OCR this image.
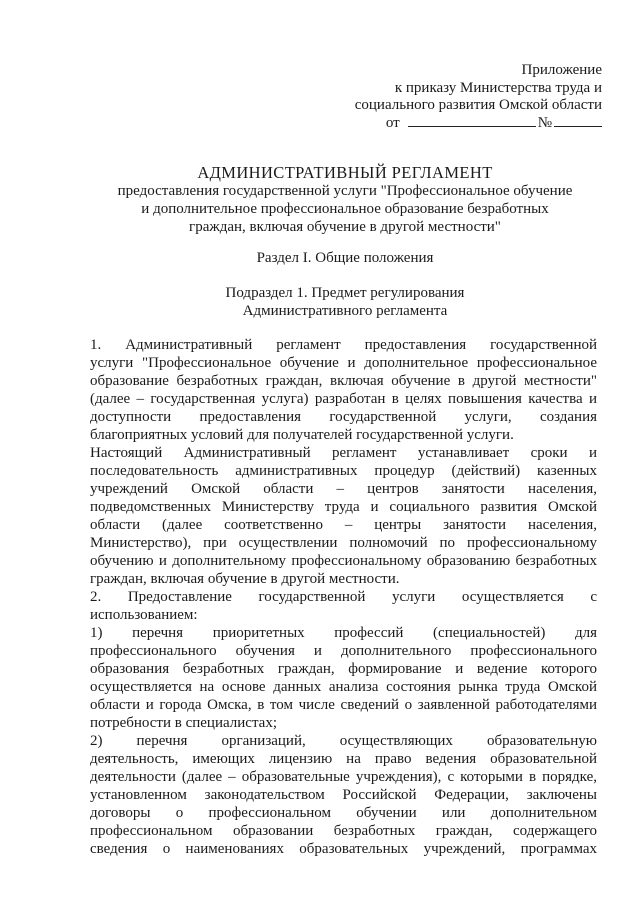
Приложение
к приказу Министерства труда и
социального развития Омской области
от	№
АДМИНИСТРАТИВНЫЙ РЕГЛАМЕНТ
предоставления государственной услуги "Профессиональное обучение
и дополнительное профессиональное образование безработных
граждан, включая обучение в другой местности"
Раздел I. Общие положения
Подраздел 1. Предмет регулирования
Административного регламента
1. Административный регламент предоставления государственной
услуги "Профессиональное обучение и дополнительное профессиональное
образование безработных граждан, включая обучение в другой местности"
(далее – государственная услуга) разработан в целях повышения качества и
доступности предоставления государственной услуги, создания
благоприятных условий для получателей государственной услуги.
Настоящий Административный регламент устанавливает сроки и
последовательность административных процедур (действий) казенных
учреждений Омской области – центров занятости населения,
подведомственных Министерству труда и социального развития Омской
области (далее соответственно – центры занятости населения,
Министерство), при осуществлении полномочий по профессиональному
обучению и дополнительному профессиональному образованию безработных
граждан, включая обучение в другой местности.
2. Предоставление государственной услуги осуществляется с
использованием:
1) перечня приоритетных профессий (специальностей) для
профессионального обучения и дополнительного профессионального
образования безработных граждан, формирование и ведение которого
осуществляется на основе данных анализа состояния рынка труда Омской
области и города Омска, в том числе сведений о заявленной работодателями
потребности в специалистах;
2) перечня организаций, осуществляющих образовательную
деятельность, имеющих лицензию на право ведения образовательной
деятельности (далее – образовательные учреждения), с которыми в порядке,
установленном законодательством Российской Федерации, заключены
договоры о профессиональном обучении или дополнительном
профессиональном образовании безработных граждан, содержащего
сведения о наименованиях образовательных учреждений, программах
